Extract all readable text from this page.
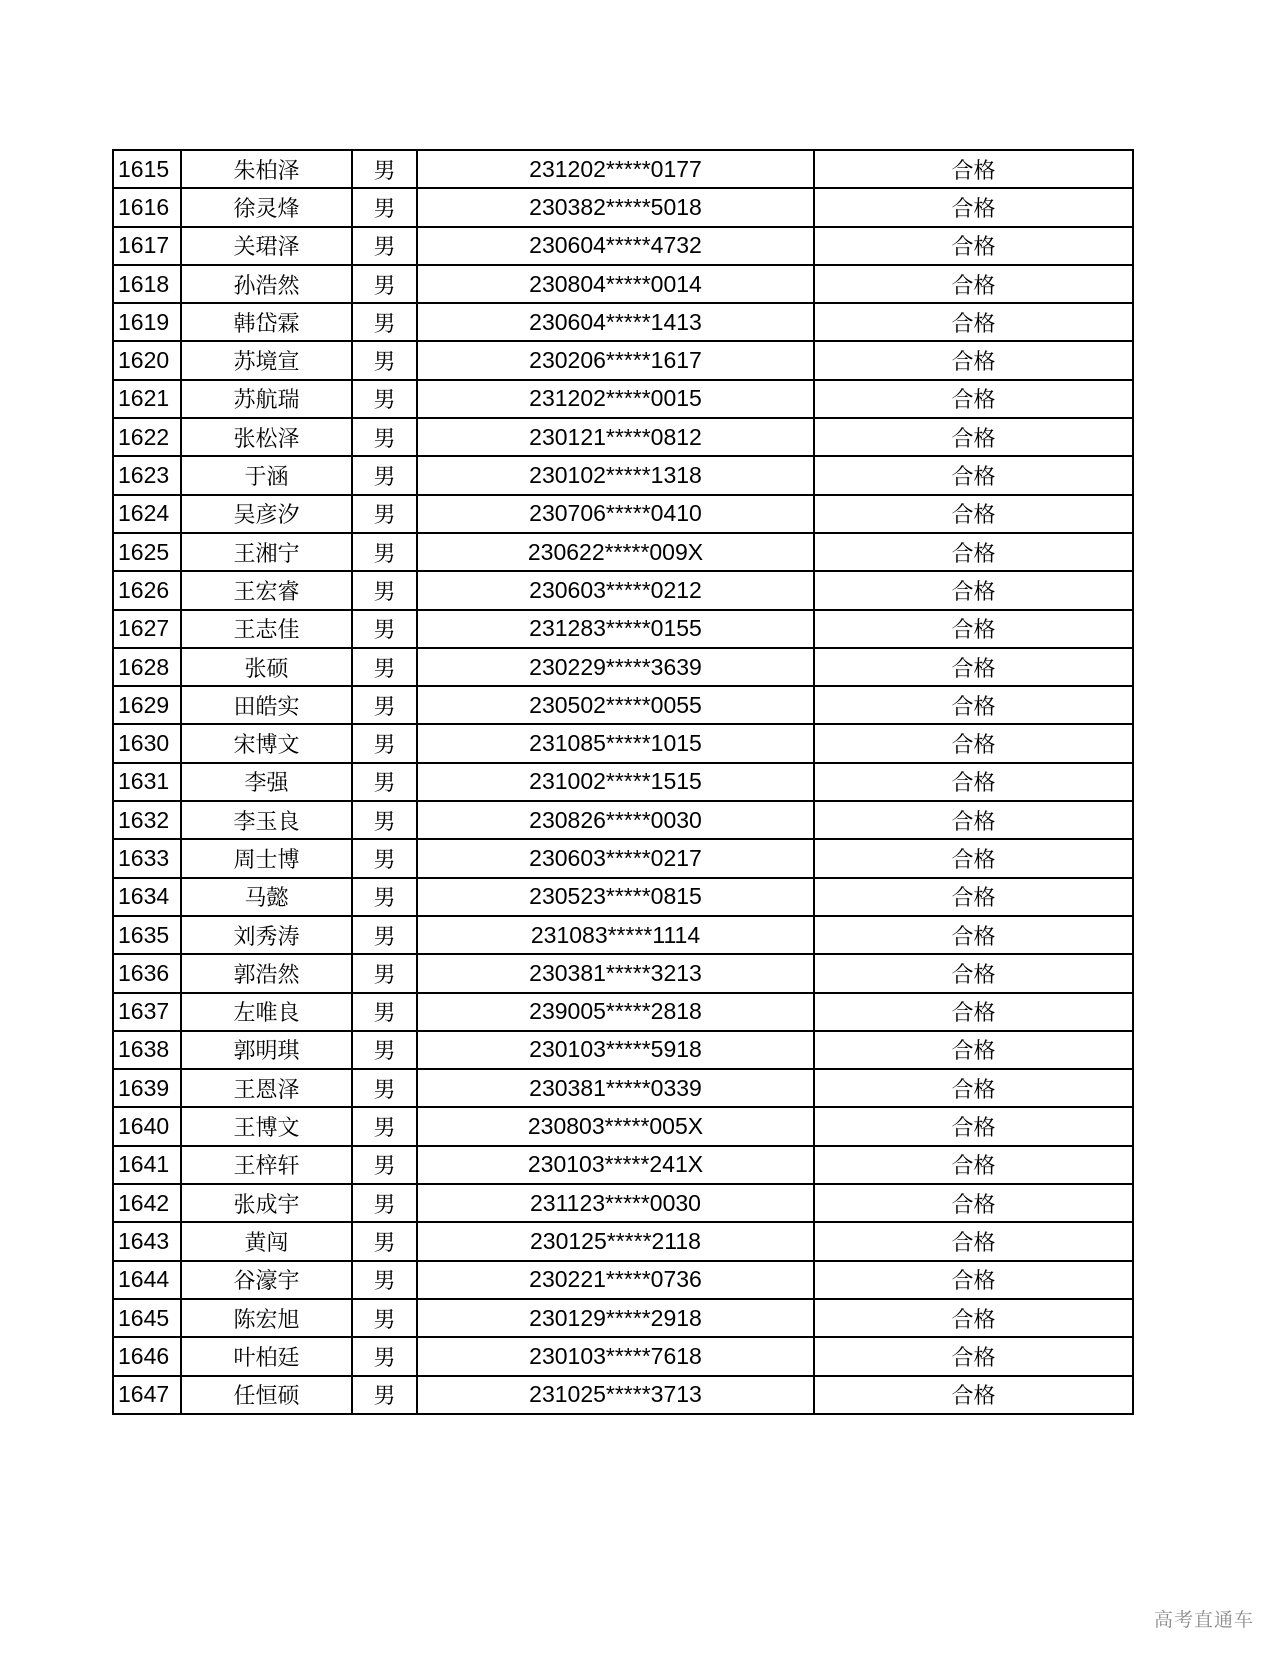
1615	朱柏泽	男	231202*****0177	合格
1616	徐灵烽	男	230382*****5018	合格
1617	关珺泽	男	230604*****4732	合格
1618	孙浩然	男	230804*****0014	合格
1619	韩岱霖	男	230604*****1413	合格
1620	苏境宣	男	230206*****1617	合格
1621	苏航瑞	男	231202*****0015	合格
1622	张松泽	男	230121*****0812	合格
1623	于涵	男	230102*****1318	合格
1624	吴彦汐	男	230706*****0410	合格
1625	王湘宁	男	230622*****009X	合格
1626	王宏睿	男	230603*****0212	合格
1627	王志佳	男	231283*****0155	合格
1628	张硕	男	230229*****3639	合格
1629	田皓实	男	230502*****0055	合格
1630	宋博文	男	231085*****1015	合格
1631	李强	男	231002*****1515	合格
1632	李玉良	男	230826*****0030	合格
1633	周士博	男	230603*****0217	合格
1634	马懿	男	230523*****0815	合格
1635	刘秀涛	男	231083*****1114	合格
1636	郭浩然	男	230381*****3213	合格
1637	左唯良	男	239005*****2818	合格
1638	郭明琪	男	230103*****5918	合格
1639	王恩泽	男	230381*****0339	合格
1640	王博文	男	230803*****005X	合格
1641	王梓轩	男	230103*****241X	合格
1642	张成宇	男	231123*****0030	合格
1643	黄闯	男	230125*****2118	合格
1644	谷濠宇	男	230221*****0736	合格
1645	陈宏旭	男	230129*****2918	合格
1646	叶柏廷	男	230103*****7618	合格
1647	任恒硕	男	231025*****3713	合格
高考直通车
